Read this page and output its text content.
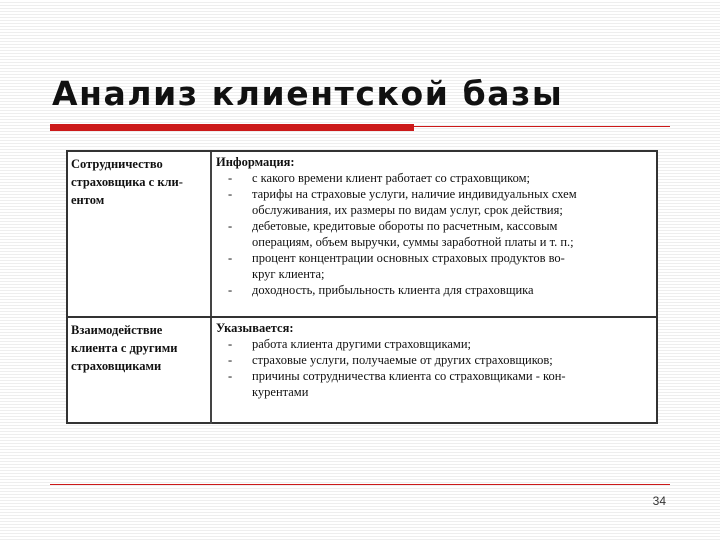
Анализ клиентской базы
Сотрудничество
страховщика с кли-
ентом
Информация:
- с какого времени клиент работает со страховщиком;
- тарифы на страховые услуги, наличие индивидуальных схем
обслуживания, их размеры по видам услуг, срок действия;
- дебетовые, кредитовые обороты по расчетным, кассовым
операциям, объем выручки, суммы заработной платы и т. п.;
- процент концентрации основных страховых продуктов во-
круг клиента;
- доходность, прибыльность клиента для страховщика
Взаимодействие
клиента с другими
страховщиками
Указывается:
- работа клиента другими страховщиками;
- страховые услуги, получаемые от других страховщиков;
- причины сотрудничества клиента со страховщиками - кон-
курентами
34
